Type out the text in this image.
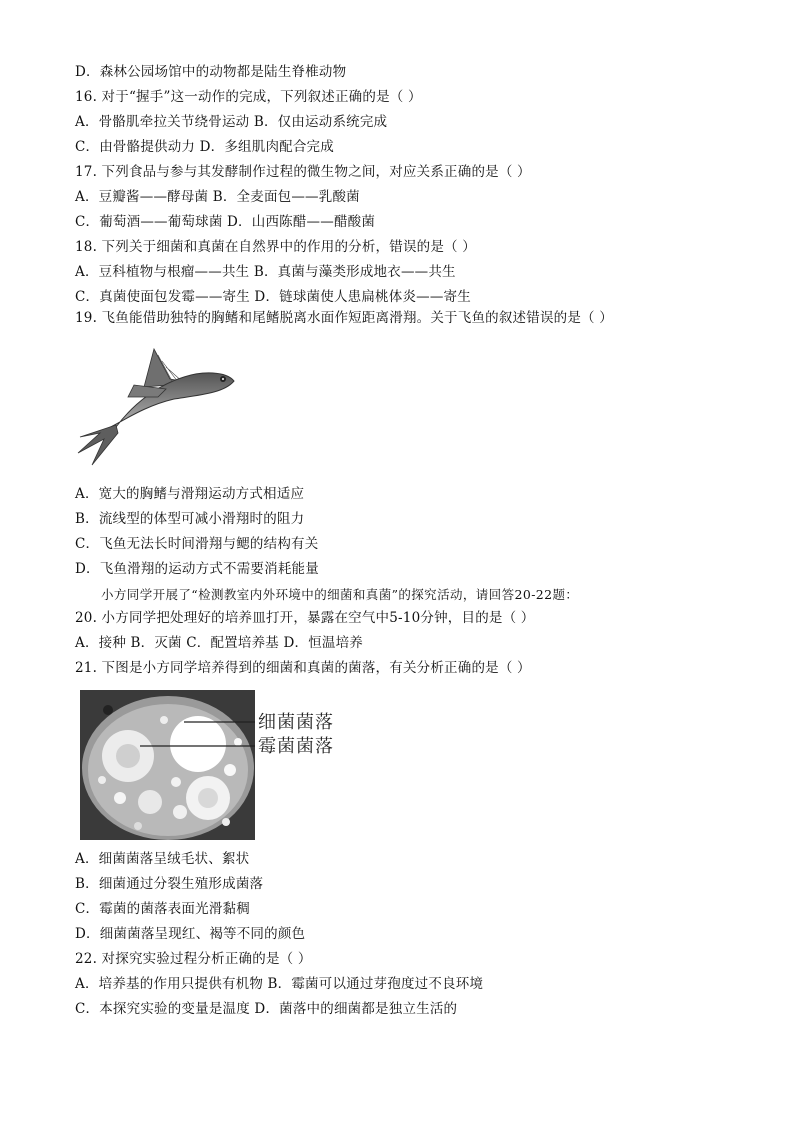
D．森林公园场馆中的动物都是陆生脊椎动物
16. 对于“握手”这一动作的完成，下列叙述正确的是（ ）
A．骨骼肌牵拉关节绕骨运动 B．仅由运动系统完成
C．由骨骼提供动力 D．多组肌肉配合完成
17. 下列食品与参与其发酵制作过程的微生物之间，对应关系正确的是（ ）
A．豆瓣酱——酵母菌 B．全麦面包——乳酸菌
C．葡萄酒——葡萄球菌 D．山西陈醋——醋酸菌
18. 下列关于细菌和真菌在自然界中的作用的分析，错误的是（ ）
A．豆科植物与根瘤——共生 B．真菌与藻类形成地衣——共生
C．真菌使面包发霉——寄生 D．链球菌使人患扁桃体炎——寄生
19. 飞鱼能借助独特的胸鳍和尾鳍脱离水面作短距离滑翔。关于飞鱼的叙述错误的是（ ）
A．宽大的胸鳍与滑翔运动方式相适应
B．流线型的体型可减小滑翔时的阻力
C．飞鱼无法长时间滑翔与鳃的结构有关
D．飞鱼滑翔的运动方式不需要消耗能量
小方同学开展了“检测教室内外环境中的细菌和真菌”的探究活动，请回答20-22题：
20. 小方同学把处理好的培养皿打开，暴露在空气中5-10分钟，目的是（ ）
A．接种 B．灭菌 C．配置培养基 D．恒温培养
21. 下图是小方同学培养得到的细菌和真菌的菌落，有关分析正确的是（ ）
细菌菌落
霉菌菌落
A．细菌菌落呈绒毛状、絮状
B．细菌通过分裂生殖形成菌落
C．霉菌的菌落表面光滑黏稠
D．细菌菌落呈现红、褐等不同的颜色
22. 对探究实验过程分析正确的是（ ）
A．培养基的作用只提供有机物 B．霉菌可以通过芽孢度过不良环境
C．本探究实验的变量是温度 D．菌落中的细菌都是独立生活的
